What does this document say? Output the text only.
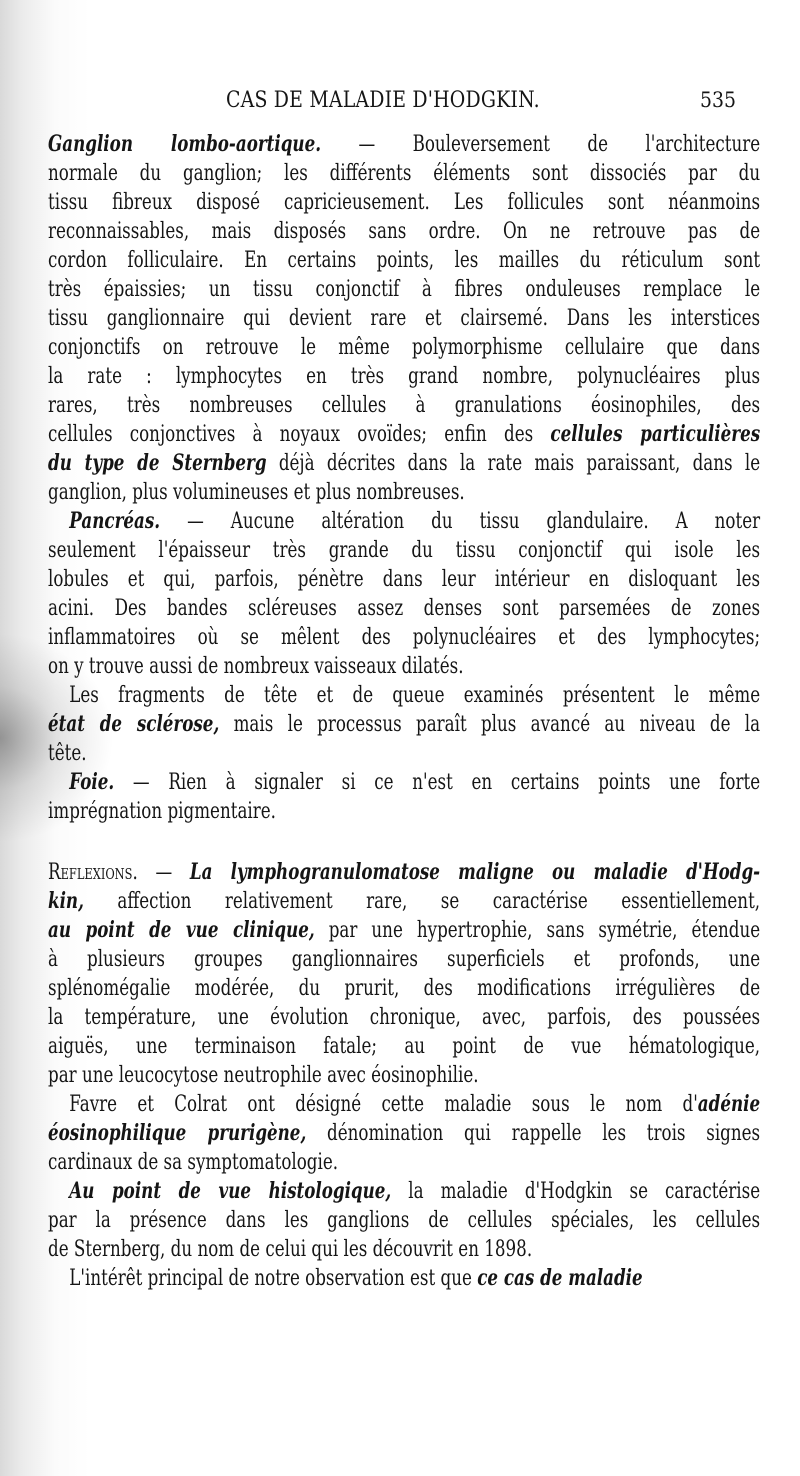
CAS DE MALADIE D'HODGKIN.	535
Ganglion lombo-aortique. — Bouleversement de l'architecture
normale du ganglion; les différents éléments sont dissociés par du
tissu fibreux disposé capricieusement. Les follicules sont néanmoins
reconnaissables, mais disposés sans ordre. On ne retrouve pas de
cordon folliculaire. En certains points, les mailles du réticulum sont
très épaissies; un tissu conjonctif à fibres onduleuses remplace le
tissu ganglionnaire qui devient rare et clairsemé. Dans les interstices
conjonctifs on retrouve le même polymorphisme cellulaire que dans
la rate : lymphocytes en très grand nombre, polynucléaires plus
rares, très nombreuses cellules à granulations éosinophiles, des
cellules conjonctives à noyaux ovoïdes; enfin des cellules particulières
du type de Sternberg déjà décrites dans la rate mais paraissant, dans le
ganglion, plus volumineuses et plus nombreuses.
Pancréas. — Aucune altération du tissu glandulaire. A noter
seulement l'épaisseur très grande du tissu conjonctif qui isole les
lobules et qui, parfois, pénètre dans leur intérieur en disloquant les
acini. Des bandes scléreuses assez denses sont parsemées de zones
inflammatoires où se mêlent des polynucléaires et des lymphocytes;
on y trouve aussi de nombreux vaisseaux dilatés.
Les fragments de tête et de queue examinés présentent le même
état de sclérose, mais le processus paraît plus avancé au niveau de la
tête.
Foie. — Rien à signaler si ce n'est en certains points une forte
imprégnation pigmentaire.
Reflexions. — La lymphogranulomatose maligne ou maladie d'Hodg-
kin, affection relativement rare, se caractérise essentiellement,
au point de vue clinique, par une hypertrophie, sans symétrie, étendue
à plusieurs groupes ganglionnaires superficiels et profonds, une
splénomégalie modérée, du prurit, des modifications irrégulières de
la température, une évolution chronique, avec, parfois, des poussées
aiguës, une terminaison fatale; au point de vue hématologique,
par une leucocytose neutrophile avec éosinophilie.
Favre et Colrat ont désigné cette maladie sous le nom d'adénie
éosinophilique prurigène, dénomination qui rappelle les trois signes
cardinaux de sa symptomatologie.
Au point de vue histologique, la maladie d'Hodgkin se caractérise
par la présence dans les ganglions de cellules spéciales, les cellules
de Sternberg, du nom de celui qui les découvrit en 1898.
L'intérêt principal de notre observation est que ce cas de maladie
